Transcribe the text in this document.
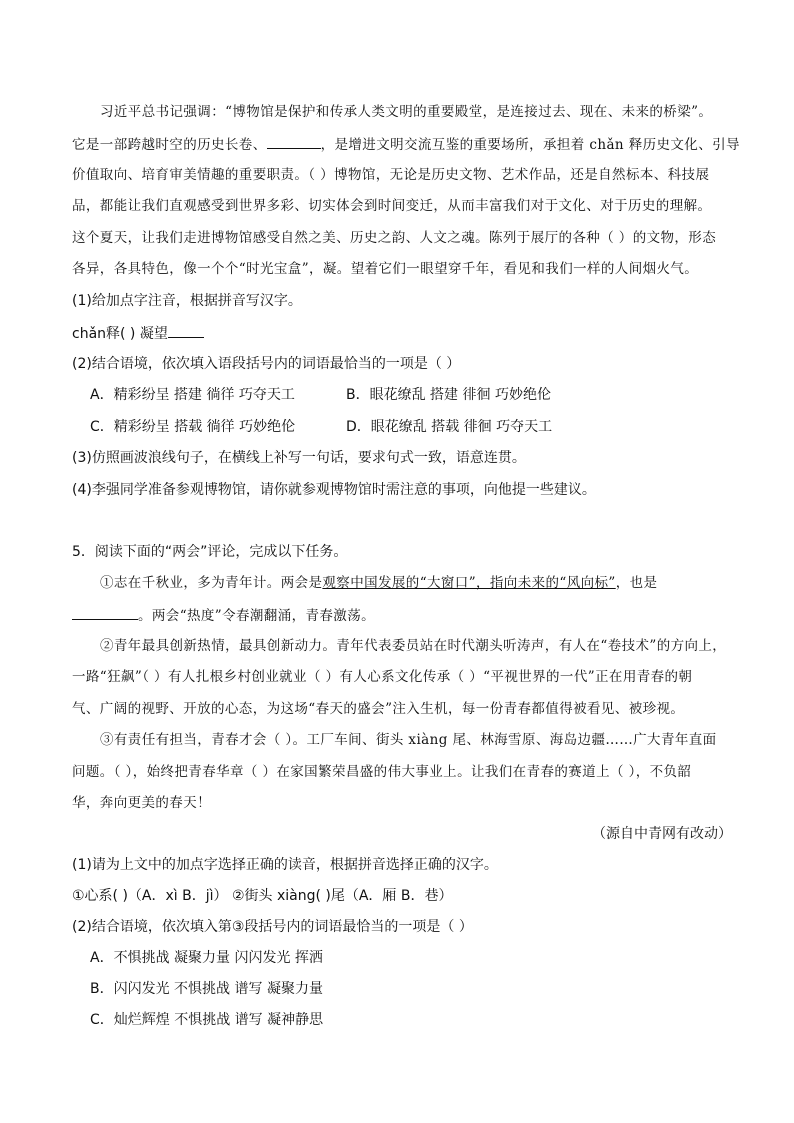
习近平总书记强调：“博物馆是保护和传承人类文明的重要殿堂，是连接过去、现在、未来的桥梁”。
它是一部跨越时空的历史长卷、	，是增进文明交流互鉴的重要场所，承担着 chǎn 释历史文化、引导
价值取向、培育审美情趣的重要职责。（ ）博物馆，无论是历史文物、艺术作品，还是自然标本、科技展
品，都能让我们直观感受到世界多彩、切实体会到时间变迁，从而丰富我们对于文化、对于历史的理解。
这个夏天，让我们走进博物馆感受自然之美、历史之韵、人文之魂。陈列于展厅的各种（ ）的文物，形态
各异，各具特色，像一个个“时光宝盒”，凝。望着它们一眼望穿千年，看见和我们一样的人间烟火气。
(1)给加点字注音，根据拼音写汉字。
chǎn释( ) 凝望
(2)结合语境，依次填入语段括号内的词语最恰当的一项是（ ）
A．精彩纷呈 搭建 徜徉 巧夺天工	B．眼花缭乱 搭建 徘徊 巧妙绝伦
C．精彩纷呈 搭载 徜徉 巧妙绝伦	D．眼花缭乱 搭载 徘徊 巧夺天工
(3)仿照画波浪线句子，在横线上补写一句话，要求句式一致，语意连贯。
(4)李强同学准备参观博物馆，请你就参观博物馆时需注意的事项，向他提一些建议。
5．阅读下面的“两会”评论，完成以下任务。
①志在千秋业，多为青年计。两会是观察中国发展的“大窗口”，指向未来的“风向标”，也是
。两会“热度”令春潮翻涌，青春激荡。
②青年最具创新热情，最具创新动力。青年代表委员站在时代潮头听涛声，有人在“卷技术”的方向上，
一路“狂飙”（ ）有人扎根乡村创业就业（ ）有人心系文化传承（ ）“平视世界的一代”正在用青春的朝
气、广阔的视野、开放的心态，为这场“春天的盛会”注入生机，每一份青春都值得被看见、被珍视。
③有责任有担当，青春才会（ ）。工厂车间、街头 xiàng 尾、林海雪原、海岛边疆……广大青年直面
问题。（ ），始终把青春华章（ ）在家国繁荣昌盛的伟大事业上。让我们在青春的赛道上（ ），不负韶
华，奔向更美的春天！
（源自中青网有改动）
(1)请为上文中的加点字选择正确的读音，根据拼音选择正确的汉字。
①心系( )（A．xì B．jì） ②街头 xiàng( )尾（A．厢 B．巷）
(2)结合语境，依次填入第③段括号内的词语最恰当的一项是（ ）
A．不惧挑战 凝聚力量 闪闪发光 挥洒
B．闪闪发光 不惧挑战 谱写 凝聚力量
C．灿烂辉煌 不惧挑战 谱写 凝神静思
